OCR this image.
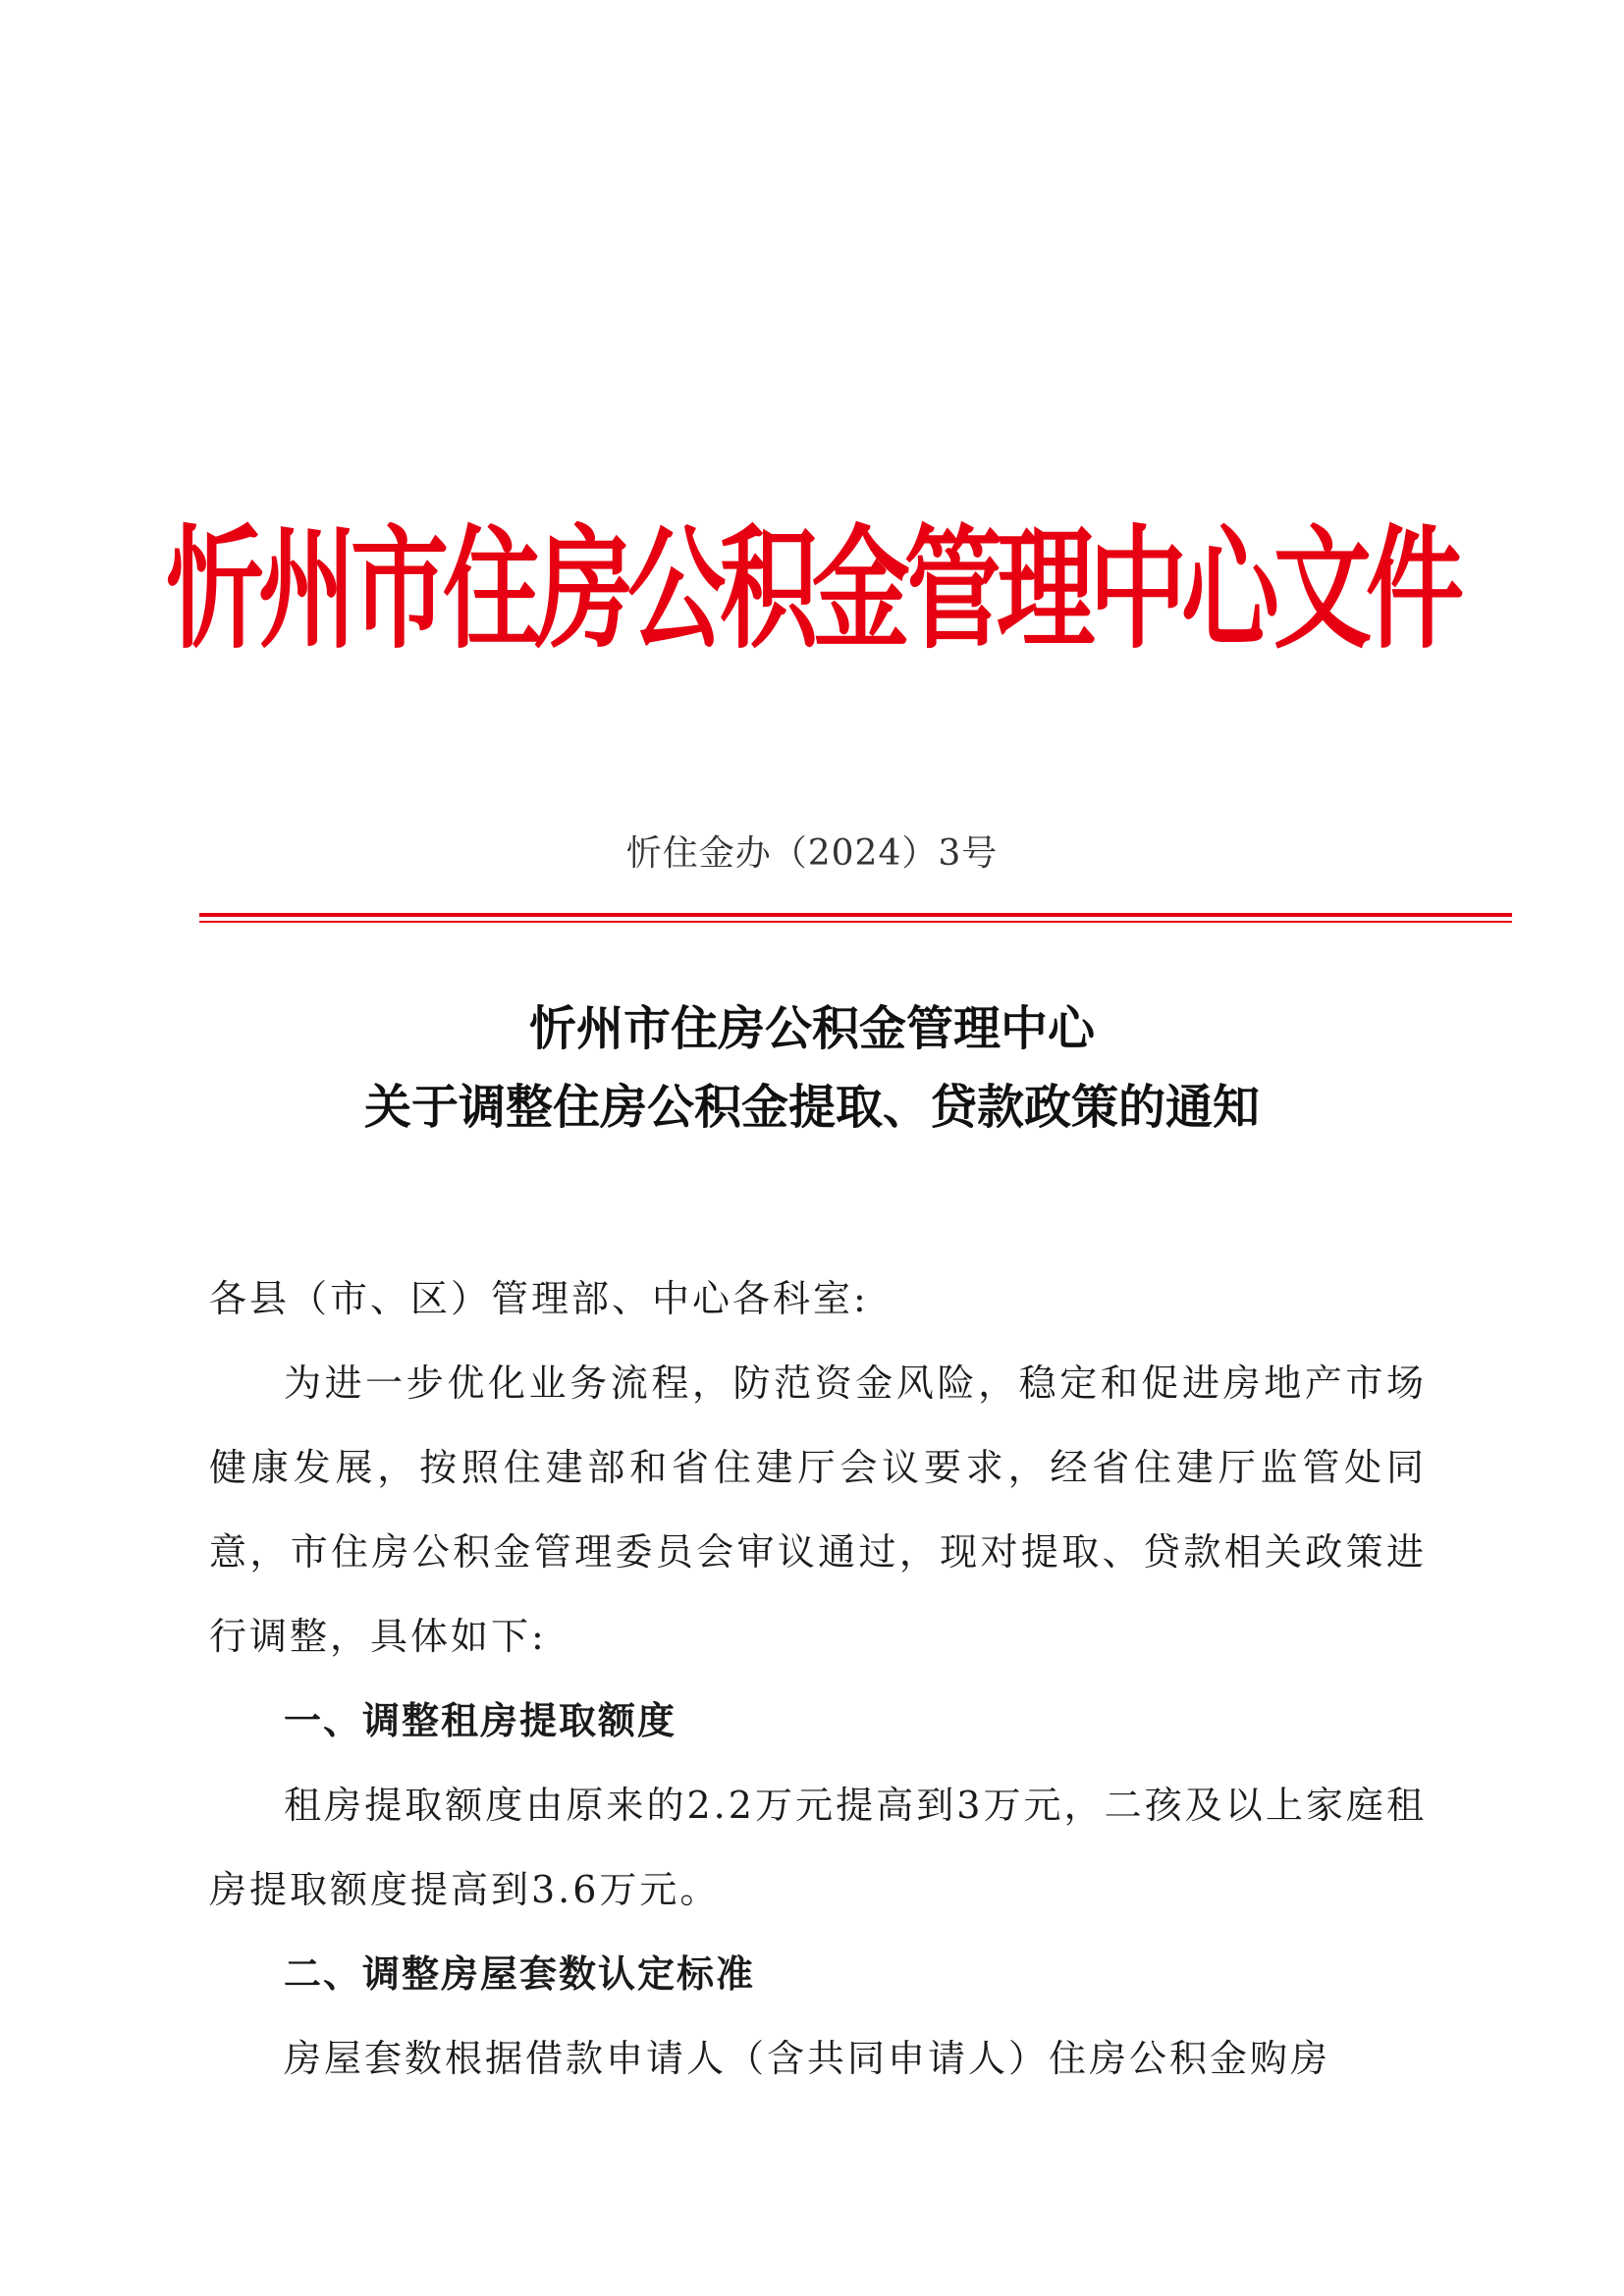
忻州市住房公积金管理中心文件
忻住金办（2024）3号
忻州市住房公积金管理中心
关于调整住房公积金提取、贷款政策的通知

各县（市、区）管理部、中心各科室:

为进一步优化业务流程，防范资金风险，稳定和促进房地产市场健康发展，按照住建部和省住建厅会议要求，经省住建厅监管处同意，市住房公积金管理委员会审议通过，现对提取、贷款相关政策进行调整，具体如下:

一、调整租房提取额度

租房提取额度由原来的2.2万元提高到3万元，二孩及以上家庭租房提取额度提高到3.6万元。

二、调整房屋套数认定标准

房屋套数根据借款申请人（含共同申请人）住房公积金购房
